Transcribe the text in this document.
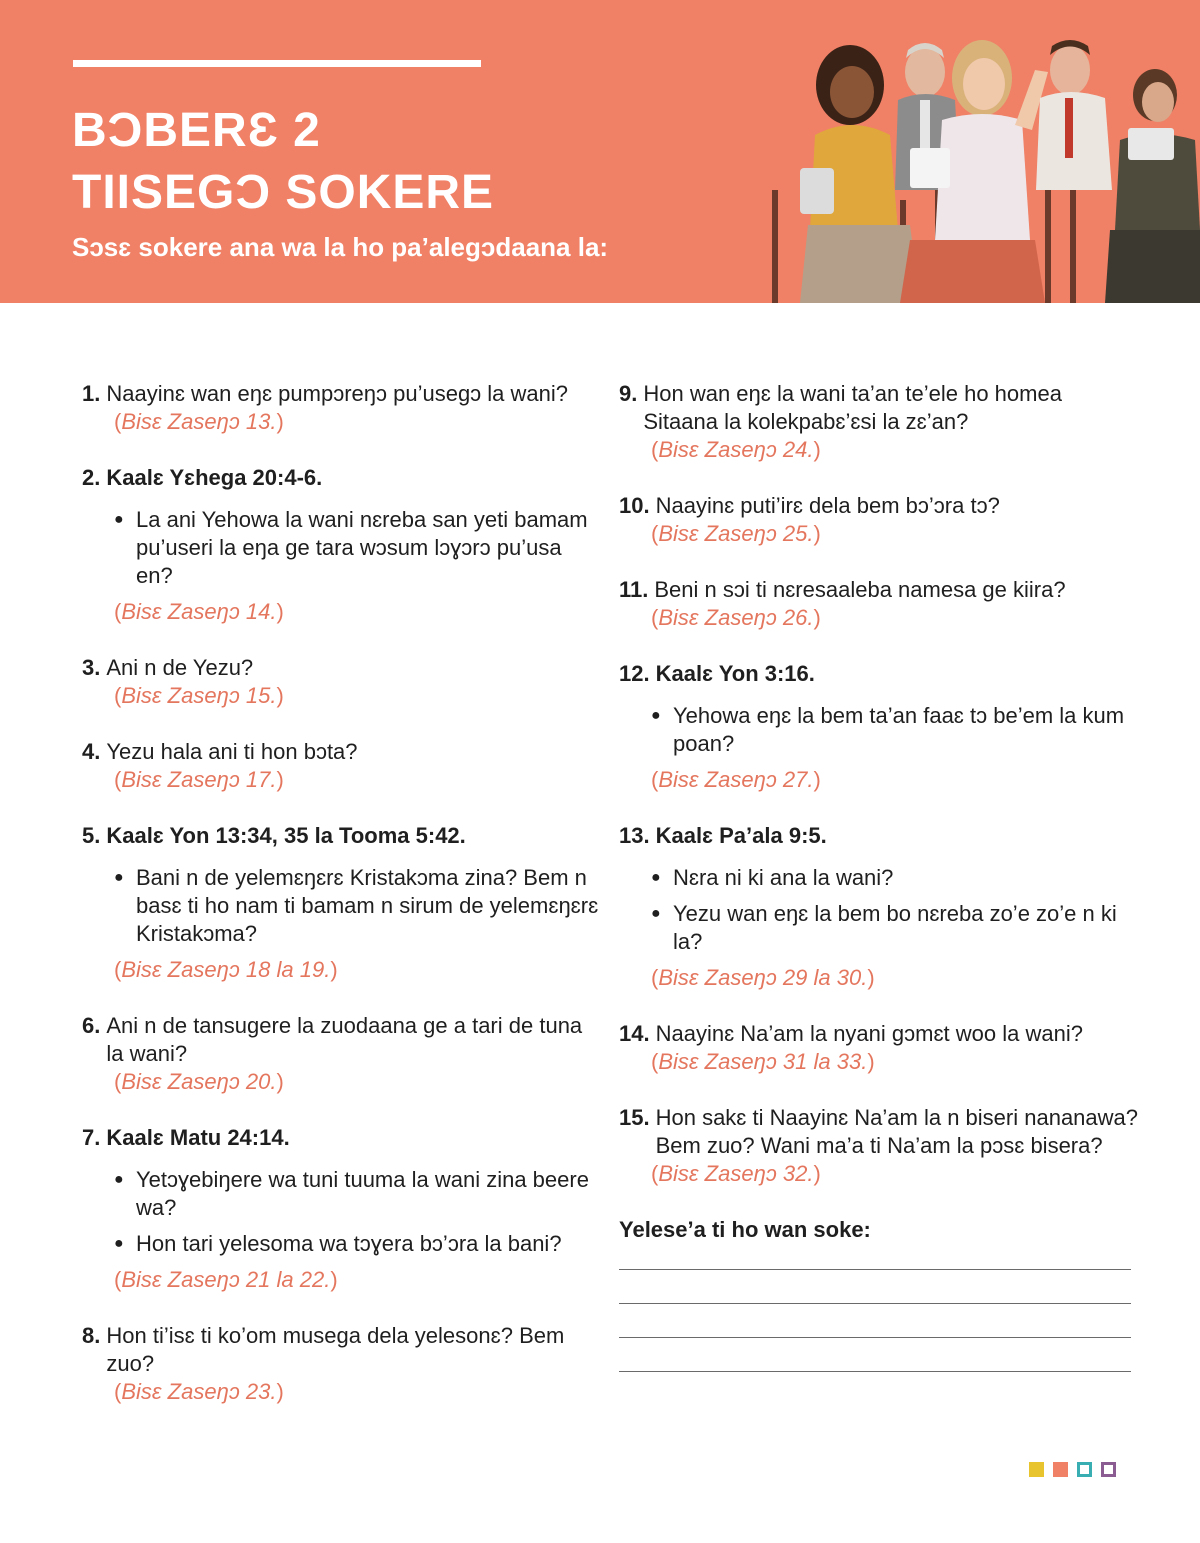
BƆBERƐ 2
TIISEGƆ SOKERE

Sɔsɛ sokere ana wa la ho pa’alegɔdaana la:

1. Naayinɛ wan eŋɛ pumpɔreŋɔ pu’usegɔ la wani?
(Bisɛ Zaseŋɔ 13.)
2. Kaalɛ Yɛhega 20:4-6.
● La ani Yehowa la wani nɛreba san yeti bamam pu’useri la eŋa ge tara wɔsum lɔɣɔrɔ pu’usa en?
(Bisɛ Zaseŋɔ 14.)
3. Ani n de Yezu?
(Bisɛ Zaseŋɔ 15.)
4. Yezu hala ani ti hon bɔta?
(Bisɛ Zaseŋɔ 17.)
5. Kaalɛ Yon 13:34, 35 la Tooma 5:42.
● Bani n de yelemɛŋɛrɛ Kristakɔma zina? Bem n basɛ ti ho nam ti bamam n sirum de yelemɛŋɛrɛ Kristakɔma?
(Bisɛ Zaseŋɔ 18 la 19.)
6. Ani n de tansugere la zuodaana ge a tari de tuna la wani?
(Bisɛ Zaseŋɔ 20.)
7. Kaalɛ Matu 24:14.
● Yetɔɣebiŋere wa tuni tuuma la wani zina beere wa?
● Hon tari yelesoma wa tɔɣera bɔ’ɔra la bani?
(Bisɛ Zaseŋɔ 21 la 22.)
8. Hon ti’isɛ ti ko’om musega dela yelesonɛ? Bem zuo?
(Bisɛ Zaseŋɔ 23.)
9. Hon wan eŋɛ la wani ta’an te’ele ho homea Sitaana la kolekpabɛ’ɛsi la zɛ’an?
(Bisɛ Zaseŋɔ 24.)
10. Naayinɛ puti’irɛ dela bem bɔ’ɔra tɔ?
(Bisɛ Zaseŋɔ 25.)
11. Beni n sɔi ti nɛresaaleba namesa ge kiira?
(Bisɛ Zaseŋɔ 26.)
12. Kaalɛ Yon 3:16.
● Yehowa eŋɛ la bem ta’an faaɛ tɔ be’em la kum poan?
(Bisɛ Zaseŋɔ 27.)
13. Kaalɛ Pa’ala 9:5.
● Nɛra ni ki ana la wani?
● Yezu wan eŋɛ la bem bo nɛreba zo’e zo’e n ki la?
(Bisɛ Zaseŋɔ 29 la 30.)
14. Naayinɛ Na’am la nyani gɔmɛt woo la wani?
(Bisɛ Zaseŋɔ 31 la 33.)
15. Hon sakɛ ti Naayinɛ Na’am la n biseri nananawa? Bem zuo? Wani ma’a ti Na’am la pɔsɛ bisera?
(Bisɛ Zaseŋɔ 32.)
Yelese’a ti ho wan soke:
